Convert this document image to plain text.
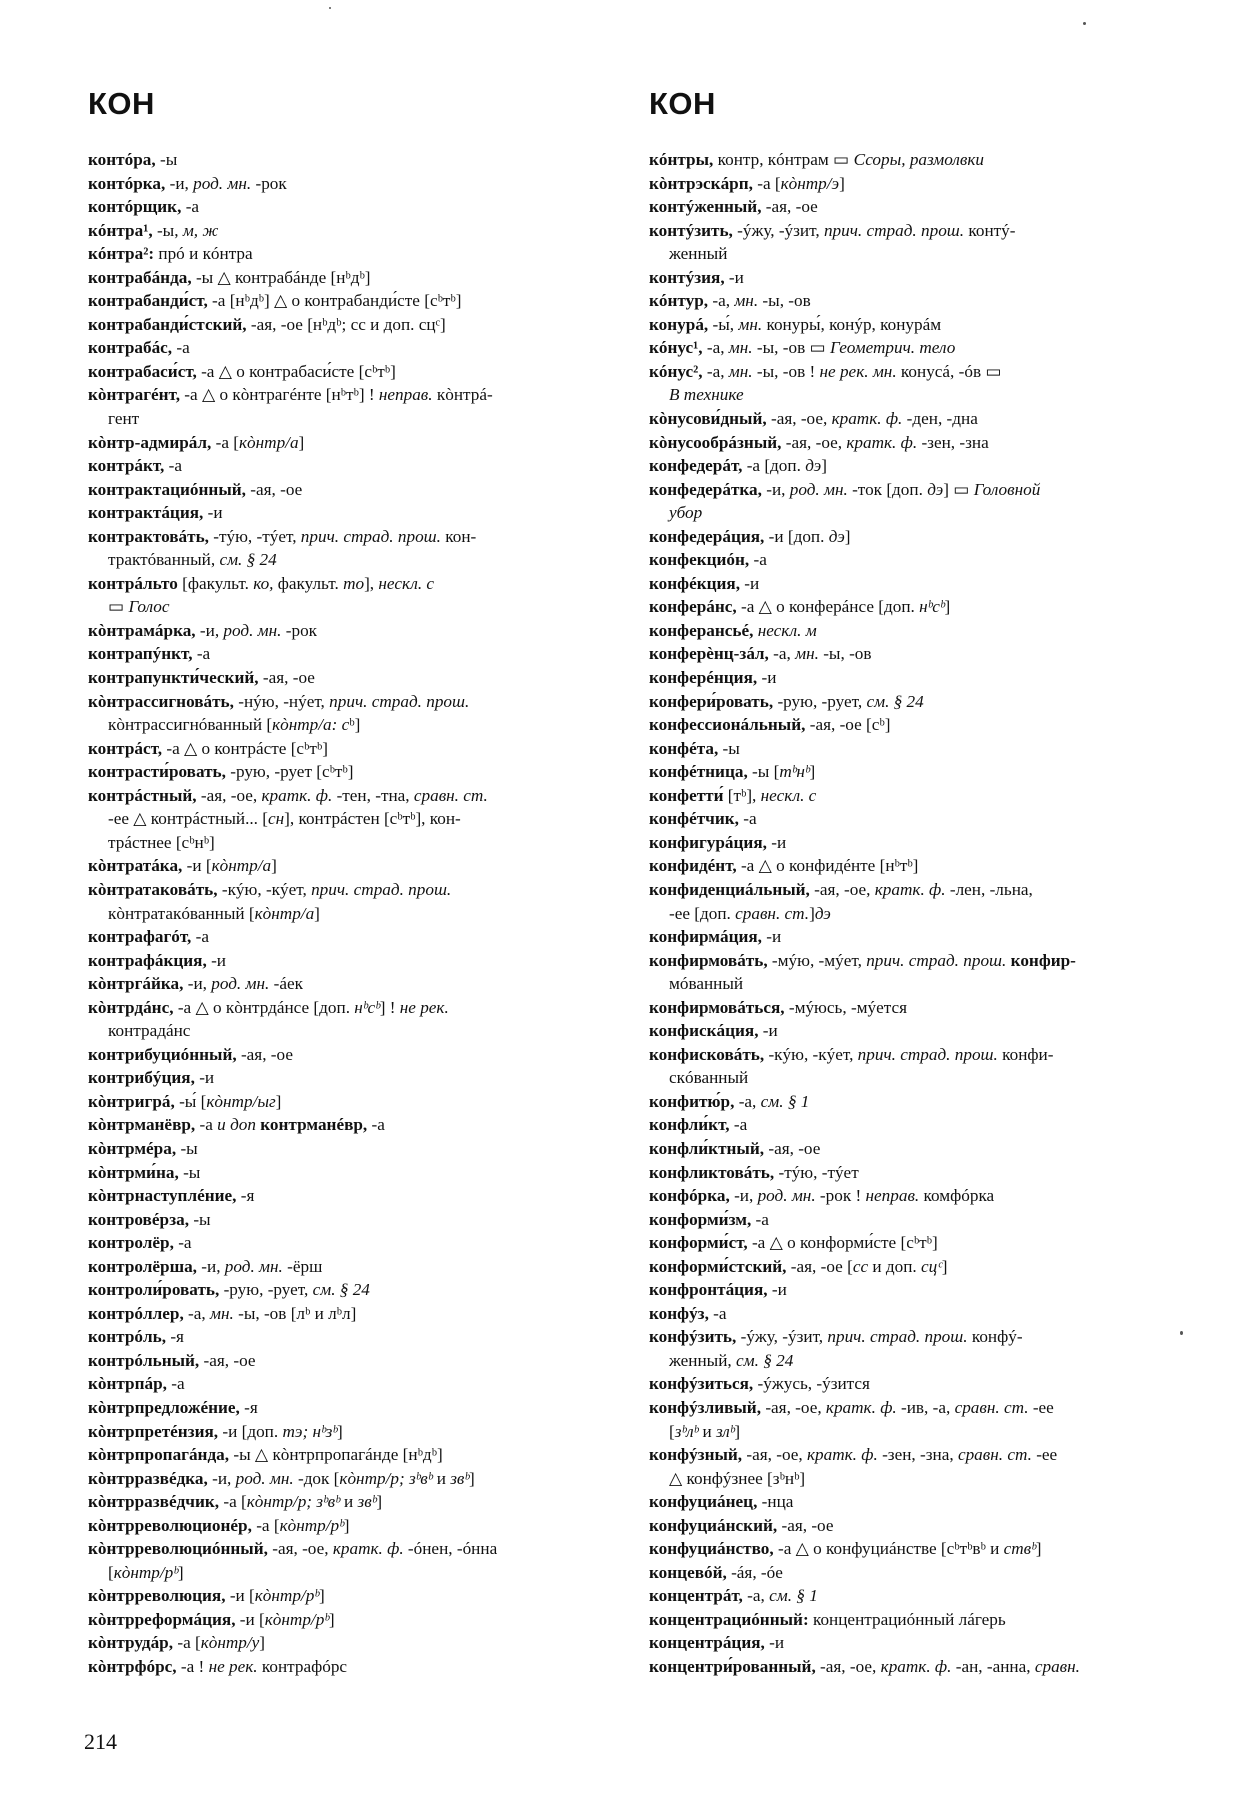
КОН	КОН
контóра, -ы
контóрка, -и, род. мн. -рок
контóрщик, -а
кóнтра¹, -ы, м, ж
кóнтра²: прó и кóнтра
контрабáнда, -ы △ контрабáнде [нᵇдᵇ]
контрабанди́ст, -а [нᵇдᵇ] △ о контрабанди́сте [сᵇтᵇ]
контрабанди́стский, -ая, -ое [нᵇдᵇ; сс и доп. сцᶜ]
контрабáс, -а
контрабаси́ст, -а △ о контрабаси́сте [сᵇтᵇ]
кòнтрагéнт, -а △ о кòнтрагéнте [нᵇтᵇ] ! неправ. кòнтрá-
гент
кòнтр-адмирáл, -а [кòнтр/а]
контрáкт, -а
контрактациóнный, -ая, -ое
контрактáция, -и
контрактовáть, -тýю, -тýет, прич. страд. прош. кон-
трактóванный, см. § 24
контрáльто [факульт. ко, факульт. то], нескл. с
▭ Голос
кòнтрамáрка, -и, род. мн. -рок
контрапýнкт, -а
контрапункти́ческий, -ая, -ое
кòнтрассигновáть, -нýю, -нýет, прич. страд. прош.
кòнтрассигнóванный [кòнтр/а: сᵇ]
контрáст, -а △ о контрáсте [сᵇтᵇ]
контрасти́ровать, -рую, -рует [сᵇтᵇ]
контрáстный, -ая, -ое, кратк. ф. -тен, -тна, сравн. ст.
-ее △ контрáстный... [сн], контрáстен [сᵇтᵇ], кон-
трáстнее [сᵇнᵇ]
кòнтратáка, -и [кòнтр/а]
кòнтратаковáть, -кýю, -кýет, прич. страд. прош.
кòнтратакóванный [кòнтр/а]
контрафагóт, -а
контрафáкция, -и
кòнтргáйка, -и, род. мн. -áек
кòнтрдáнс, -а △ о кòнтрдáнсе [доп. нᵇсᵇ] ! не рек.
контрадáнс
контрибуциóнный, -ая, -ое
контрибýция, -и
кòнтригрá, -ы́ [кòнтр/ыг]
кòнтрманёвр, -а и доп контрманéвр, -а
кòнтрмéра, -ы
кòнтрми́на, -ы
кòнтрнаступлéние, -я
контровéрза, -ы
контролёр, -а
контролёрша, -и, род. мн. -ёрш
контроли́ровать, -рую, -рует, см. § 24
контрóллер, -а, мн. -ы, -ов [лᵇ и лᵇл]
контрóль, -я
контрóльный, -ая, -ое
кòнтрпáр, -а
кòнтрпредложéние, -я
кòнтрпретéнзия, -и [доп. тэ; нᵇзᵇ]
кòнтрпропагáнда, -ы △ кòнтрпропагáнде [нᵇдᵇ]
кòнтрразвéдка, -и, род. мн. -док [кòнтр/р; зᵇвᵇ и звᵇ]
кòнтрразвéдчик, -а [кòнтр/р; зᵇвᵇ и звᵇ]
кòнтрреволюционéр, -а [кòнтр/рᵇ]
кòнтрреволюциóнный, -ая, -ое, кратк. ф. -óнен, -óнна
[кòнтр/рᵇ]
кòнтрреволюция, -и [кòнтр/рᵇ]
кòнтрреформáция, -и [кòнтр/рᵇ]
кòнтрудáр, -а [кòнтр/у]
кòнтрфóрс, -а ! не рек. контрафóрс
кóнтры, контр, кóнтрам ▭ Ссоры, размолвки
кòнтрэскáрп, -а [кòнтр/э]
контýженный, -ая, -ое
контýзить, -ýжу, -ýзит, прич. страд. прош. контý-
женный
контýзия, -и
кóнтур, -а, мн. -ы, -ов
конурá, -ы́, мн. конуры́, конýр, конурáм
кóнус¹, -а, мн. -ы, -ов ▭ Геометрич. тело
кóнус², -а, мн. -ы, -ов ! не рек. мн. конусá, -óв ▭
В технике
кòнусови́дный, -ая, -ое, кратк. ф. -ден, -дна
кòнусообрáзный, -ая, -ое, кратк. ф. -зен, -зна
конфедерáт, -а [доп. дэ]
конфедерáтка, -и, род. мн. -ток [доп. дэ] ▭ Головной
убор
конфедерáция, -и [доп. дэ]
конфекциóн, -а
конфéкция, -и
конферáнс, -а △ о конферáнсе [доп. нᵇсᵇ]
конферансьé, нескл. м
конферèнц-зáл, -а, мн. -ы, -ов
конферéнция, -и
конфери́ровать, -рую, -рует, см. § 24
конфессионáльный, -ая, -ое [сᵇ]
конфéта, -ы
конфéтница, -ы [тᵇнᵇ]
конфетти́ [тᵇ], нескл. с
конфéтчик, -а
конфигурáция, -и
конфидéнт, -а △ о конфидéнте [нᵇтᵇ]
конфиденциáльный, -ая, -ое, кратк. ф. -лен, -льна,
-ее [доп. сравн. ст.]дэ
конфирмáция, -и
конфирмовáть, -мýю, -мýет, прич. страд. прош. конфир-
мóванный
конфирмовáться, -мýюсь, -мýется
конфискáция, -и
конфисковáть, -кýю, -кýет, прич. страд. прош. конфи-
скóванный
конфитю́р, -а, см. § 1
конфли́кт, -а
конфли́ктный, -ая, -ое
конфликтовáть, -тýю, -тýет
конфóрка, -и, род. мн. -рок ! неправ. комфóрка
конформи́зм, -а
конформи́ст, -а △ о конформи́сте [сᵇтᵇ]
конформи́стский, -ая, -ое [сс и доп. сцᶜ]
конфронтáция, -и
конфýз, -а
конфýзить, -ýжу, -ýзит, прич. страд. прош. конфý-
женный, см. § 24
конфýзиться, -ýжусь, -ýзится
конфýзливый, -ая, -ое, кратк. ф. -ив, -а, сравн. ст. -ее
[зᵇлᵇ и злᵇ]
конфýзный, -ая, -ое, кратк. ф. -зен, -зна, сравн. ст. -ее
△ конфýзнее [зᵇнᵇ]
конфуциáнец, -нца
конфуциáнский, -ая, -ое
конфуциáнство, -а △ о конфуциáнстве [сᵇтᵇвᵇ и ствᵇ]
концевóй, -áя, -óе
концентрáт, -а, см. § 1
концентрациóнный: концентрациóнный лáгерь
концентрáция, -и
концентри́рованный, -ая, -ое, кратк. ф. -ан, -анна, сравн.
214
